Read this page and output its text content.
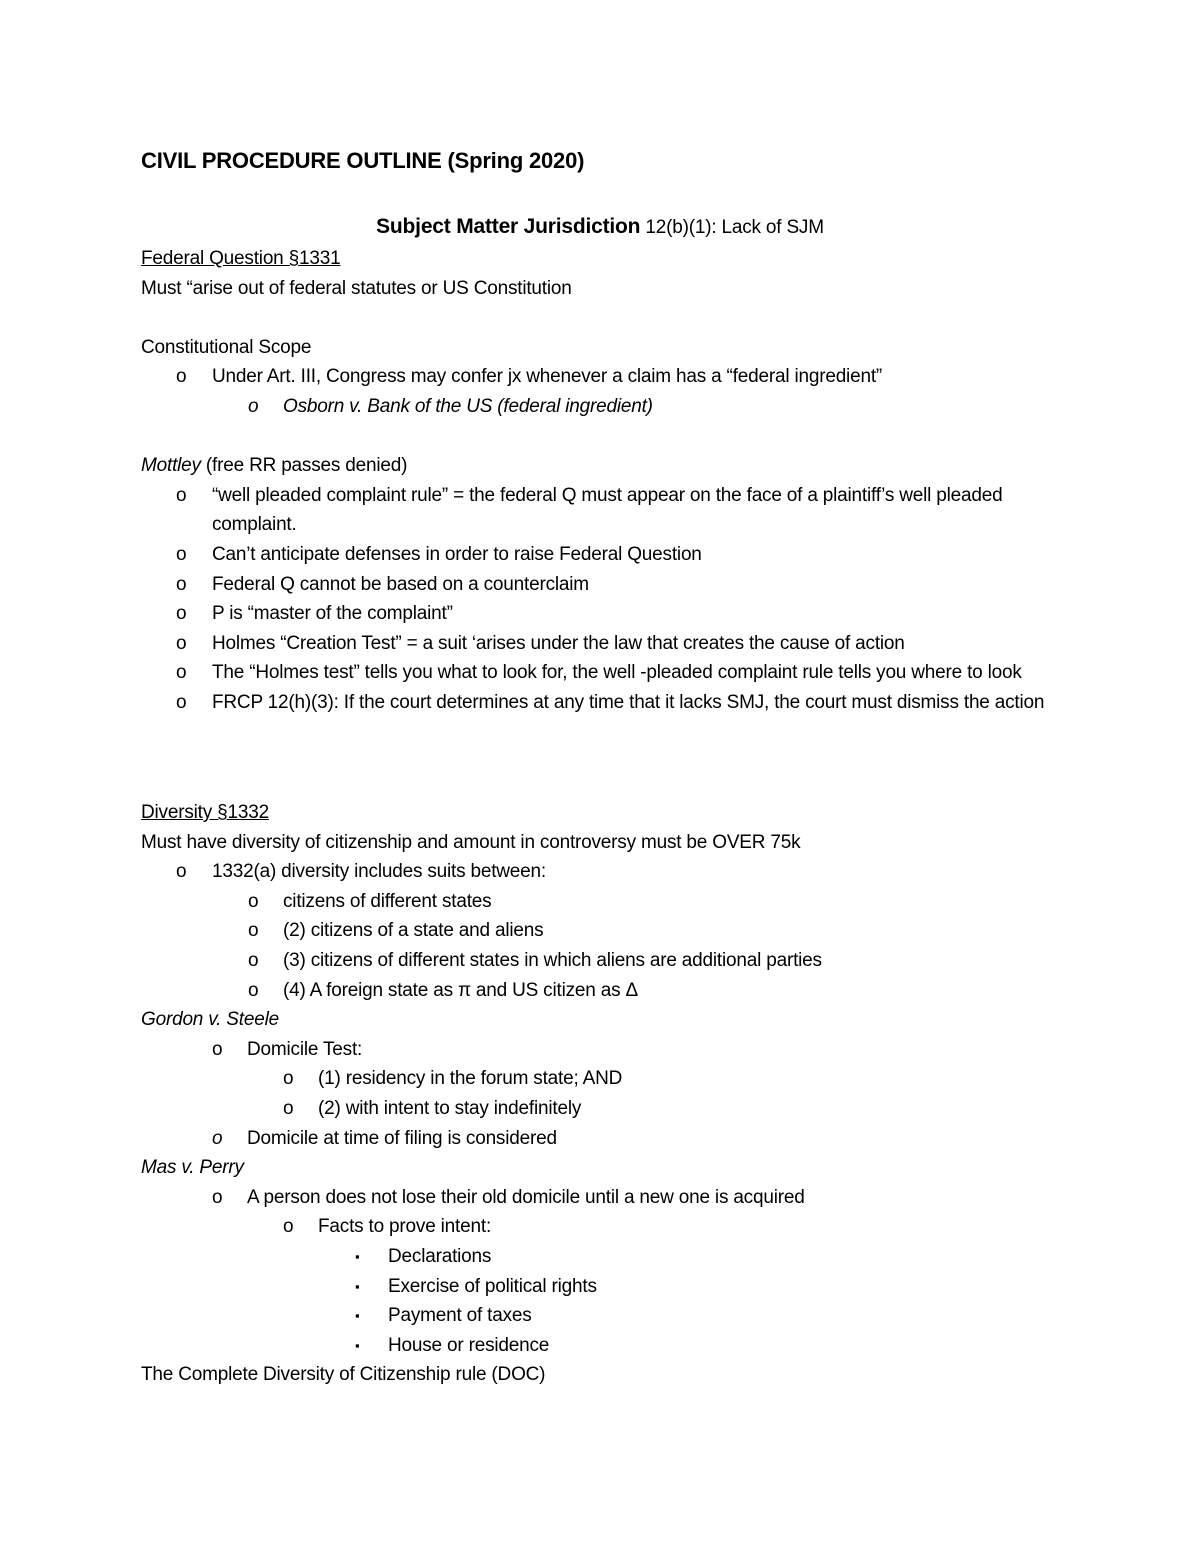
CIVIL PROCEDURE OUTLINE (Spring 2020)
Subject Matter Jurisdiction 12(b)(1): Lack of SJM

Federal Question §1331

Must “arise out of federal statutes or US Constitution

Constitutional Scope

o Under Art. III, Congress may confer jx whenever a claim has a “federal ingredient”

o Osborn v. Bank of the US (federal ingredient)

Mottley (free RR passes denied)

o “well pleaded complaint rule” = the federal Q must appear on the face of a plaintiff’s well pleaded complaint.

o Can’t anticipate defenses in order to raise Federal Question

o Federal Q cannot be based on a counterclaim

o P is “master of the complaint”

o Holmes “Creation Test” = a suit ‘arises under the law that creates the cause of action

o The “Holmes test” tells you what to look for, the well -pleaded complaint rule tells you where to look

o FRCP 12(h)(3): If the court determines at any time that it lacks SMJ, the court must dismiss the action

Diversity §1332

Must have diversity of citizenship and amount in controversy must be OVER 75k

o 1332(a) diversity includes suits between:

o citizens of different states

o (2) citizens of a state and aliens

o (3) citizens of different states in which aliens are additional parties

o (4) A foreign state as π and US citizen as Δ

Gordon v. Steele

o Domicile Test:

o (1) residency in the forum state; AND

o (2) with intent to stay indefinitely

o Domicile at time of filing is considered

Mas v. Perry

o A person does not lose their old domicile until a new one is acquired

o Facts to prove intent:

▪ Declarations

▪ Exercise of political rights

▪ Payment of taxes

▪ House or residence

The Complete Diversity of Citizenship rule (DOC)
